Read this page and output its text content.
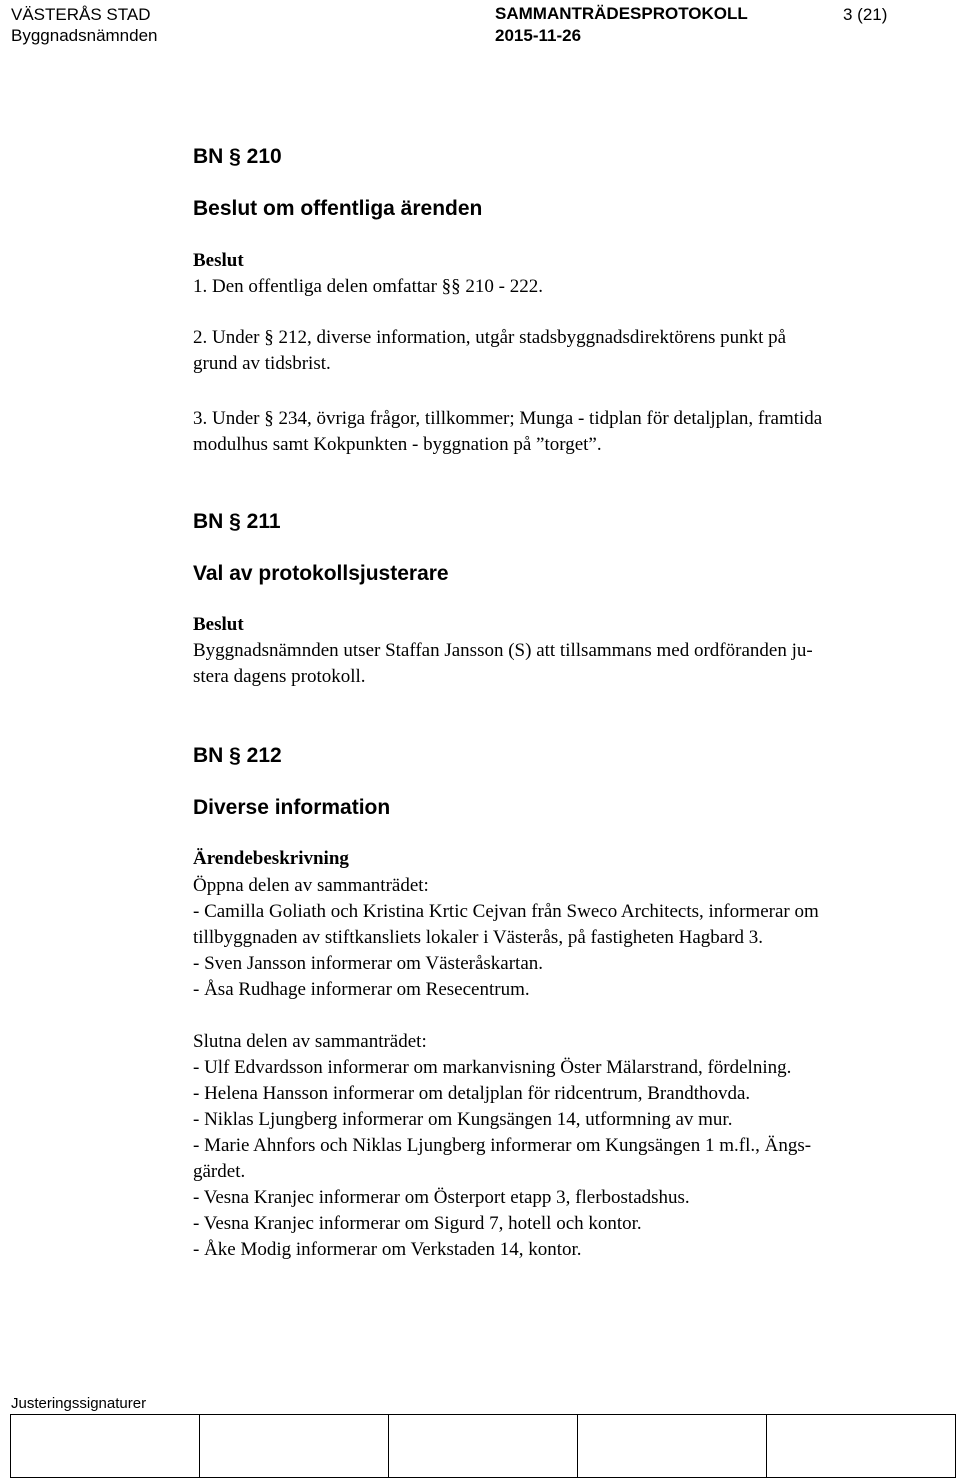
VÄSTERÅS STAD
Byggnadsnämnden
SAMMANTRÄDESPROTOKOLL
2015-11-26
3 (21)
BN § 210
Beslut om offentliga ärenden
Beslut
1. Den offentliga delen omfattar §§ 210 - 222.
2. Under § 212, diverse information, utgår stadsbyggnadsdirektörens punkt på
grund av tidsbrist.
3. Under § 234, övriga frågor, tillkommer; Munga - tidplan för detaljplan, framtida
modulhus samt Kokpunkten - byggnation på ”torget”.
BN § 211
Val av protokollsjusterare
Beslut
Byggnadsnämnden utser Staffan Jansson (S) att tillsammans med ordföranden ju-
stera dagens protokoll.
BN § 212
Diverse information
Ärendebeskrivning
Öppna delen av sammanträdet:
- Camilla Goliath och Kristina Krtic Cejvan från Sweco Architects, informerar om
tillbyggnaden av stiftkansliets lokaler i Västerås, på fastigheten Hagbard 3.
- Sven Jansson informerar om Västeråskartan.
- Åsa Rudhage informerar om Resecentrum.
Slutna delen av sammanträdet:
- Ulf Edvardsson informerar om markanvisning Öster Mälarstrand, fördelning.
- Helena Hansson informerar om detaljplan för ridcentrum, Brandthovda.
- Niklas Ljungberg informerar om Kungsängen 14, utformning av mur.
- Marie Ahnfors och Niklas Ljungberg informerar om Kungsängen 1 m.fl., Ängs-
gärdet.
- Vesna Kranjec informerar om Österport etapp 3, flerbostadshus.
- Vesna Kranjec informerar om Sigurd 7, hotell och kontor.
- Åke Modig informerar om Verkstaden 14, kontor.
Justeringssignaturer
